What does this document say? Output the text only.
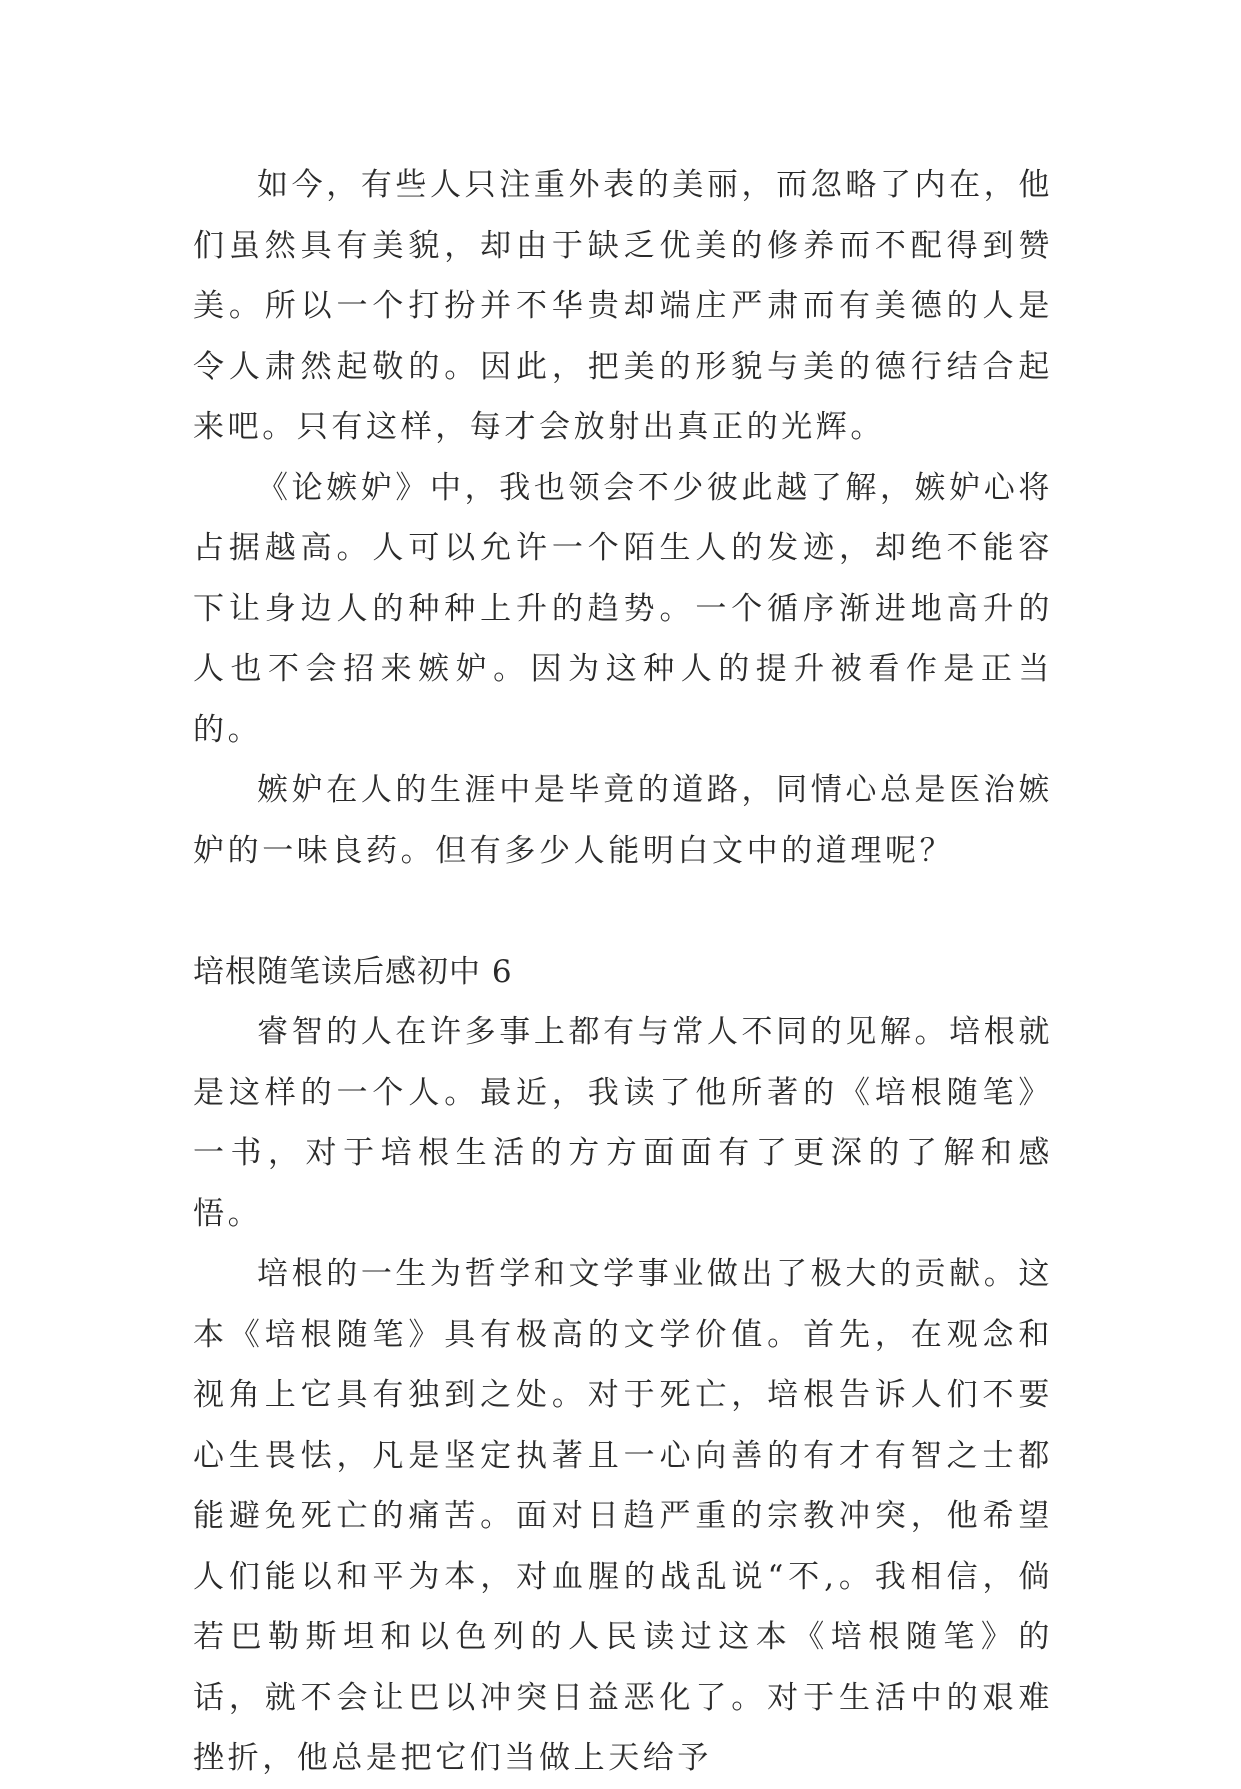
如今，有些人只注重外表的美丽，而忽略了内在，他们虽然具有美貌，却由于缺乏优美的修养而不配得到赞美。所以一个打扮并不华贵却端庄严肃而有美德的人是令人肃然起敬的。因此，把美的形貌与美的德行结合起来吧。只有这样，每才会放射出真正的光辉。

《论嫉妒》中，我也领会不少彼此越了解，嫉妒心将占据越高。人可以允许一个陌生人的发迹，却绝不能容下让身边人的种种上升的趋势。一个循序渐进地高升的人也不会招来嫉妒。因为这种人的提升被看作是正当的。

嫉妒在人的生涯中是毕竟的道路，同情心总是医治嫉妒的一味良药。但有多少人能明白文中的道理呢？

培根随笔读后感初中 6

睿智的人在许多事上都有与常人不同的见解。培根就是这样的一个人。最近，我读了他所著的《培根随笔》一书，对于培根生活的方方面面有了更深的了解和感悟。

培根的一生为哲学和文学事业做出了极大的贡献。这本《培根随笔》具有极高的文学价值。首先，在观念和视角上它具有独到之处。对于死亡，培根告诉人们不要心生畏怯，凡是坚定执著且一心向善的有才有智之士都能避免死亡的痛苦。面对日趋严重的宗教冲突，他希望人们能以和平为本，对血腥的战乱说“不,。我相信，倘若巴勒斯坦和以色列的人民读过这本《培根随笔》的话，就不会让巴以冲突日益恶化了。对于生活中的艰难挫折，他总是把它们当做上天给予
